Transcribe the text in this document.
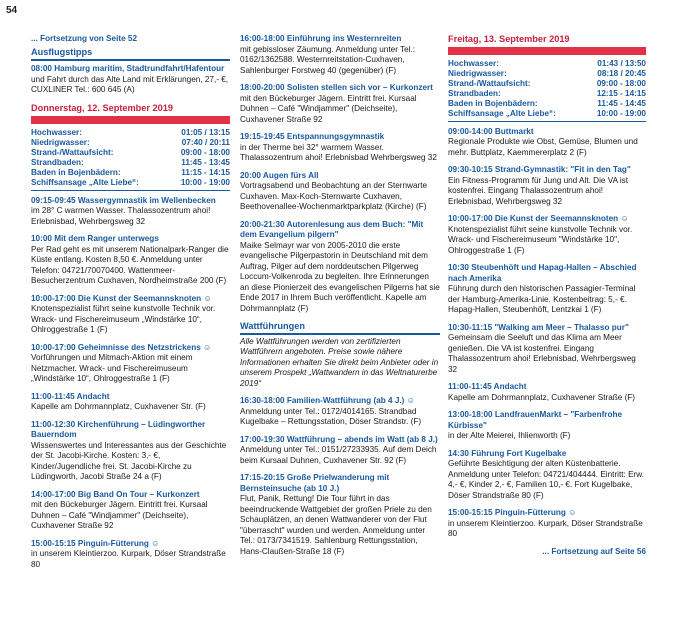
54
... Fortsetzung von Seite 52
Ausflugstipps
08:00 Hamburg maritim, Stadtrundfahrt/Hafentour
und Fahrt durch das Alte Land mit Erklärungen, 27,- €, CUXLINER Tel.: 600 645 (A)
Donnerstag, 12. September 2019
Hochwasser:	01:05 / 13:15
Niedrigwasser:	07:40 / 20:11
Strand-/Wattaufsicht:	09:00 - 18:00
Strandbaden:	11:45 - 13:45
Baden in Bojenbädern:	11:15 - 14:15
Schiffsansage „Alte Liebe“:	10:00 - 19:00
09:15-09:45 Wassergymnastik im Wellenbecken
im 28° C warmen Wasser. Thalassozentrum ahoi! Erlebnisbad, Wehrbergsweg 32
10:00 Mit dem Ranger unterwegs
Per Rad geht es mit unserem Nationalpark-Ranger die Küste entlang. Kosten 8,50 €. Anmeldung unter Telefon: 04721/70070400. Wattenmeer-Besucherzentrum Cuxhaven, Nordheimstraße 200 (F)
10:00-17:00 Die Kunst der Seemannsknoten ☺
Knotenspezialist führt seine kunstvolle Technik vor. Wrack- und Fischereimuseum „Windstärke 10“, Ohlroggestraße 1 (F)
10:00-17:00 Geheimnisse des Netzstrickens ☺
Vorführungen und Mitmach-Aktion mit einem Netzmacher. Wrack- und Fischereimuseum „Windstärke 10“, Ohlroggestraße 1 (F)
11:00-11:45 Andacht
Kapelle am Dohrmannplatz, Cuxhavener Str. (F)
11:00-12:30 Kirchenführung – Lüdingworther Bauerndom
Wissenswertes und Interessantes aus der Geschichte der St. Jacobi-Kirche. Kosten: 3,- €, Kinder/Jugendliche frei. St. Jacobi-Kirche zu Lüdingworth, Jacobi Straße 24 a (F)
14:00-17:00 Big Band On Tour – Kurkonzert
mit den Bückeburger Jägern. Eintritt frei. Kursaal Duhnen – Café "Windjammer" (Deichseite), Cuxhavener Straße 92
15:00-15:15 Pinguin-Fütterung ☺
in unserem Kleintierzoo. Kurpark, Döser Strandstraße 80
16:00-18:00 Einführung ins Westernreiten
mit gebissloser Zäumung. Anmeldung unter Tel.: 0162/1362588. Westernreitstation-Cuxhaven, Sahlenburger Forstweg 40 (gegenüber) (F)
18:00-20:00 Solisten stellen sich vor – Kurkonzert
mit den Bückeburger Jägern. Eintritt frei. Kursaal Duhnen – Café "Windjammer" (Deichseite), Cuxhavener Straße 92
19:15-19:45 Entspannungsgymnastik
in der Therme bei 32° warmem Wasser. Thalassozentrum ahoi! Erlebnisbad Wehrbergsweg 32
20:00 Augen fürs All
Vortragsabend und Beobachtung an der Sternwarte Cuxhaven. Max-Koch-Sternwarte Cuxhaven, Beethovenallee-Wochenmarktparkplatz (Kirche) (F)
20:00-21:30 Autorenlesung aus dem Buch: "Mit dem Evangelium pilgern"
Maike Selmayr war von 2005-2010 die erste evangelische Pilgerpastorin in Deutschland mit dem Auftrag, Pilger auf dem norddeutschen Pilgerweg Loccum-Volkenroda zu begleiten. Ihre Erinnerungen an diese Pionierzeit des evangelischen Pilgerns hat sie Ende 2017 in Ihrem Buch veröffentlicht. Kapelle am Dohrmannplatz (F)
Wattführungen
Alle Wattführungen werden von zertifizierten Wattführern angeboten. Preise sowie nähere Informationen erhalten Sie direkt beim Anbieter oder in unserem Prospekt „Wattwandern in das Weltnaturerbe 2019“
16:30-18:00 Familien-Wattführung (ab 4 J.) ☺
Anmeldung unter Tel.: 0172/4014165. Strandbad Kugelbake – Rettungsstation, Döser Strandstr. (F)
17:00-19:30 Wattführung – abends im Watt (ab 8 J.)
Anmeldung unter Tel.: 0151/27233935. Auf dem Deich beim Kursaal Duhnen, Cuxhavener Str. 92 (F)
17:15-20:15 Große Prielwanderung mit Bernsteinsuche (ab 10 J.)
Flut, Panik, Rettung! Die Tour führt in das beeindruckende Wattgebiet der großen Priele zu den Schauplätzen, an denen Wattwanderer von der Flut "überrascht" wurden und werden. Anmeldung unter Tel.: 0173/7341519. Sahlenburg Rettungsstation, Hans-Claußen-Straße 18 (F)
Freitag, 13. September 2019
Hochwasser:	01:43 / 13:50
Niedrigwasser:	08:18 / 20:45
Strand-/Wattaufsicht:	09:00 - 18:00
Strandbaden:	12:15 - 14:15
Baden in Bojenbädern:	11:45 - 14:45
Schiffsansage „Alte Liebe“:	10:00 - 19:00
09:00-14:00 Buttmarkt
Regionale Produkte wie Obst, Gemüse, Blumen und mehr. Buttplatz, Kaemmererplatz 2 (F)
09:30-10:15 Strand-Gymnastik: "Fit in den Tag"
Ein Fitness-Programm für Jung und Alt. Die VA ist kostenfrei. Eingang Thalassozentrum ahoi! Erlebnisbad, Wehrbergsweg 32
10:00-17:00 Die Kunst der Seemannsknoten ☺
Knotenspezialist führt seine kunstvolle Technik vor. Wrack- und Fischereimuseum "Windstärke 10", Ohlroggestraße 1 (F)
10:30 Steubenhöft und Hapag-Hallen – Abschied nach Amerika
Führung durch den historischen Passagier-Terminal der Hamburg-Amerika-Linie. Kostenbeitrag: 5,- €. Hapag-Hallen, Steubenhöft, Lentzkai 1 (F)
10:30-11:15 "Walking am Meer – Thalasso pur"
Gemeinsam die Seeluft und das Klima am Meer genießen. Die VA ist kostenfrei. Eingang Thalassozentrum ahoi! Erlebnisbad, Wehrbergsweg 32
11:00-11:45 Andacht
Kapelle am Dohrmannplatz, Cuxhavener Straße (F)
13:00-18:00 LandfrauenMarkt – "Farbenfrohe Kürbisse"
in der Alte Meierei, Ihlienworth (F)
14:30 Führung Fort Kugelbake
Geführte Besichtigung der alten Küstenbatterie. Anmeldung unter Telefon: 04721/404444. Eintritt: Erw. 4,- €, Kinder 2,- €, Familien 10,- €. Fort Kugelbake, Döser Strandstraße 80 (F)
15:00-15:15 Pinguin-Fütterung ☺
in unserem Kleintierzoo. Kurpark, Döser Strandstraße 80
... Fortsetzung auf Seite 56
